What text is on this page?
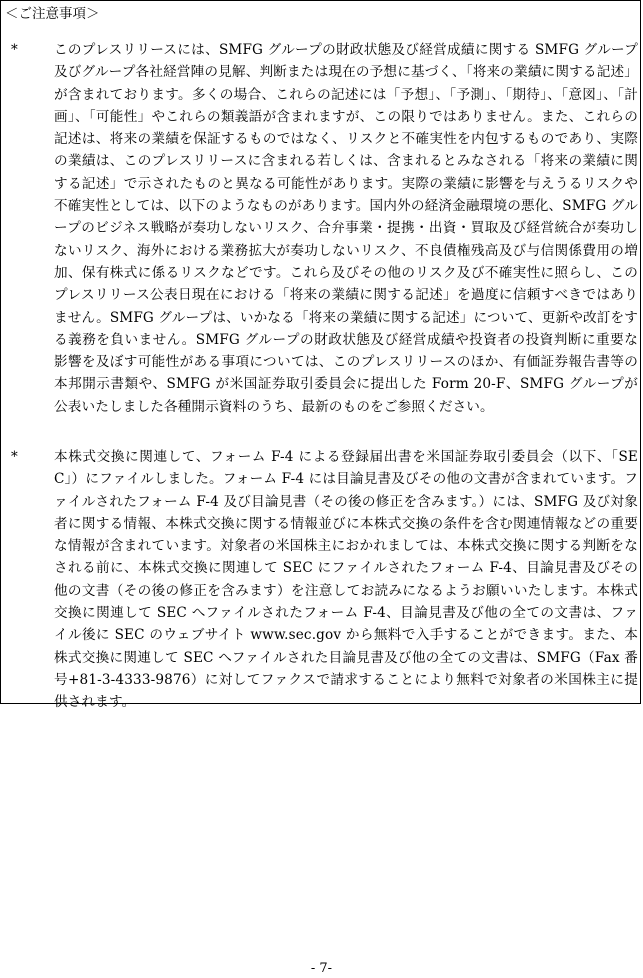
＜ご注意事項＞
*	このプレスリリースには、SMFG グループの財政状態及び経営成績に関する SMFG グループ及びグループ各社経営陣の見解、判断または現在の予想に基づく、「将来の業績に関する記述」が含まれております。多くの場合、これらの記述には「予想」、「予測」、「期待」、「意図」、「計画」、「可能性」やこれらの類義語が含まれますが、この限りではありません。また、これらの記述は、将来の業績を保証するものではなく、リスクと不確実性を内包するものであり、実際の業績は、このプレスリリースに含まれる若しくは、含まれるとみなされる「将来の業績に関する記述」で示されたものと異なる可能性があります。実際の業績に影響を与えうるリスクや不確実性としては、以下のようなものがあります。国内外の経済金融環境の悪化、SMFG グループのビジネス戦略が奏功しないリスク、合弁事業・提携・出資・買取及び経営統合が奏功しないリスク、海外における業務拡大が奏功しないリスク、不良債権残高及び与信関係費用の増加、保有株式に係るリスクなどです。これら及びその他のリスク及び不確実性に照らし、このプレスリリース公表日現在における「将来の業績に関する記述」を過度に信頼すべきではありません。SMFG グループは、いかなる「将来の業績に関する記述」について、更新や改訂をする義務を負いません。SMFG グループの財政状態及び経営成績や投資者の投資判断に重要な影響を及ぼす可能性がある事項については、このプレスリリースのほか、有価証券報告書等の本邦開示書類や、SMFG が米国証券取引委員会に提出した Form 20-F、SMFG グループが公表いたしました各種開示資料のうち、最新のものをご参照ください。
*	本株式交換に関連して、フォーム F-4 による登録届出書を米国証券取引委員会（以下、「SEC」）にファイルしました。フォーム F-4 には目論見書及びその他の文書が含まれています。ファイルされたフォーム F-4 及び目論見書（その後の修正を含みます。）には、SMFG 及び対象者に関する情報、本株式交換に関する情報並びに本株式交換の条件を含む関連情報などの重要な情報が含まれています。対象者の米国株主におかれましては、本株式交換に関する判断をなされる前に、本株式交換に関連して SEC にファイルされたフォーム F-4、目論見書及びその他の文書（その後の修正を含みます）を注意してお読みになるようお願いいたします。本株式交換に関連して SEC へファイルされたフォーム F-4、目論見書及び他の全ての文書は、ファイル後に SEC のウェブサイト www.sec.gov から無料で入手することができます。また、本株式交換に関連して SEC へファイルされた目論見書及び他の全ての文書は、SMFG（Fax 番号+81-3-4333-9876）に対してファクスで請求することにより無料で対象者の米国株主に提供されます。
- 7-
